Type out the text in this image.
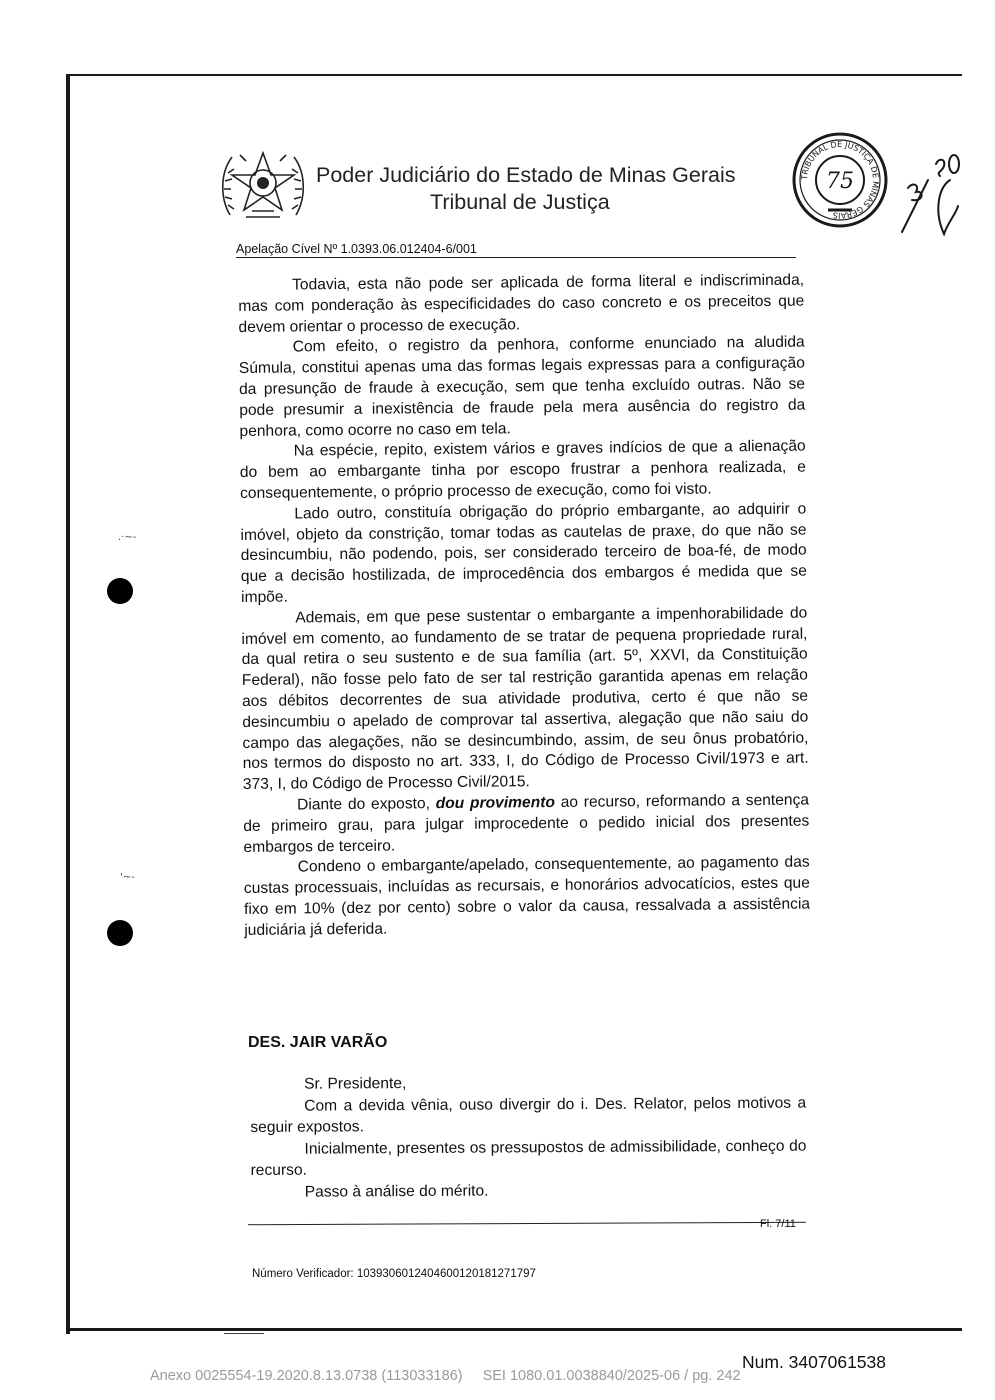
.·~-
'~-
Poder Judiciário do Estado de Minas Gerais
Tribunal de Justiça
TRIBUNAL DE JUSTIÇA DE MINAS GERAIS
75
30 / 13 / C
Apelação Cível Nº 1.0393.06.012404-6/001

Todavia, esta não pode ser aplicada de forma literal e indiscriminada, mas com ponderação às especificidades do caso concreto e os preceitos que devem orientar o processo de execução.

Com efeito, o registro da penhora, conforme enunciado na aludida Súmula, constitui apenas uma das formas legais expressas para a configuração da presunção de fraude à execução, sem que tenha excluído outras. Não se pode presumir a inexistência de fraude pela mera ausência do registro da penhora, como ocorre no caso em tela.

Na espécie, repito, existem vários e graves indícios de que a alienação do bem ao embargante tinha por escopo frustrar a penhora realizada, e consequentemente, o próprio processo de execução, como foi visto.

Lado outro, constituía obrigação do próprio embargante, ao adquirir o imóvel, objeto da constrição, tomar todas as cautelas de praxe, do que não se desincumbiu, não podendo, pois, ser considerado terceiro de boa-fé, de modo que a decisão hostilizada, de improcedência dos embargos é medida que se impõe.

Ademais, em que pese sustentar o embargante a impenhorabilidade do imóvel em comento, ao fundamento de se tratar de pequena propriedade rural, da qual retira o seu sustento e de sua família (art. 5º, XXVI, da Constituição Federal), não fosse pelo fato de ser tal restrição garantida apenas em relação aos débitos decorrentes de sua atividade produtiva, certo é que não se desincumbiu o apelado de comprovar tal assertiva, alegação que não saiu do campo das alegações, não se desincumbindo, assim, de seu ônus probatório, nos termos do disposto no art. 333, I, do Código de Processo Civil/1973 e art. 373, I, do Código de Processo Civil/2015.

Diante do exposto, dou provimento ao recurso, reformando a sentença de primeiro grau, para julgar improcedente o pedido inicial dos presentes embargos de terceiro.

Condeno o embargante/apelado, consequentemente, ao pagamento das custas processuais, incluídas as recursais, e honorários advocatícios, estes que fixo em 10% (dez por cento) sobre o valor da causa, ressalvada a assistência judiciária já deferida.

DES. JAIR VARÃO

Sr. Presidente,

Com a devida vênia, ouso divergir do i. Des. Relator, pelos motivos a seguir expostos.

Inicialmente, presentes os pressupostos de admissibilidade, conheço do recurso.

Passo à análise do mérito.

Fl. 7/11
Número Verificador: 1039306012404600120181271797
Num. 3407061538
Anexo 0025554-19.2020.8.13.0738 (113033186) SEI 1080.01.0038840/2025-06 / pg. 242
